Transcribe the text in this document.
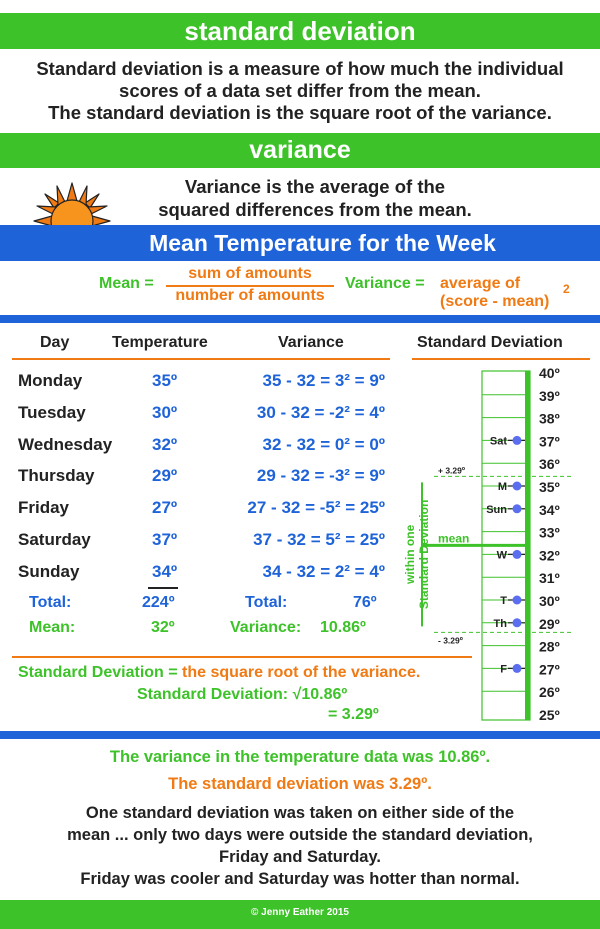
standard deviation
Standard deviation is a measure of how much the individual
scores of a data set differ from the mean.
The standard deviation is the square root of the variance.
variance
Variance is the average of the
squared differences from the mean.
Mean Temperature for the Week
Mean =
sum of amounts
number of amounts
Variance = average of
(score - mean)
2
Day	Temperature	Variance	Standard Deviation
Monday	35º	35 - 32 = 3² = 9º
Tuesday	30º	30 - 32 = -2² = 4º
Wednesday 32º	32 - 32 = 0² = 0º
Thursday	29º	29 - 32 = -3² = 9º
Friday	27º	27 - 32 = -5² = 25º
Saturday	37º	37 - 32 = 5² = 25º
Sunday	34º	34 - 32 = 2² = 4º
Total:	224º	Total:	76º
Mean:	32º	Variance: 10.86º
Standard Deviation = the square root of the variance.
Standard Deviation: √10.86º
= 3.29º
40º
39º
38º
37º
36º
35º
34º
33º
32º
31º
30º
29º
28º
27º
26º
25º
Sat
M
Sun
W
T
Th
F
+ 3.29º
- 3.29º
mean
within one Standard Deviation
The variance in the temperature data was 10.86º.
The standard deviation was 3.29º.
One standard deviation was taken on either side of the
mean ... only two days were outside the standard deviation,
Friday and Saturday.
Friday was cooler and Saturday was hotter than normal.
© Jenny Eather 2015
